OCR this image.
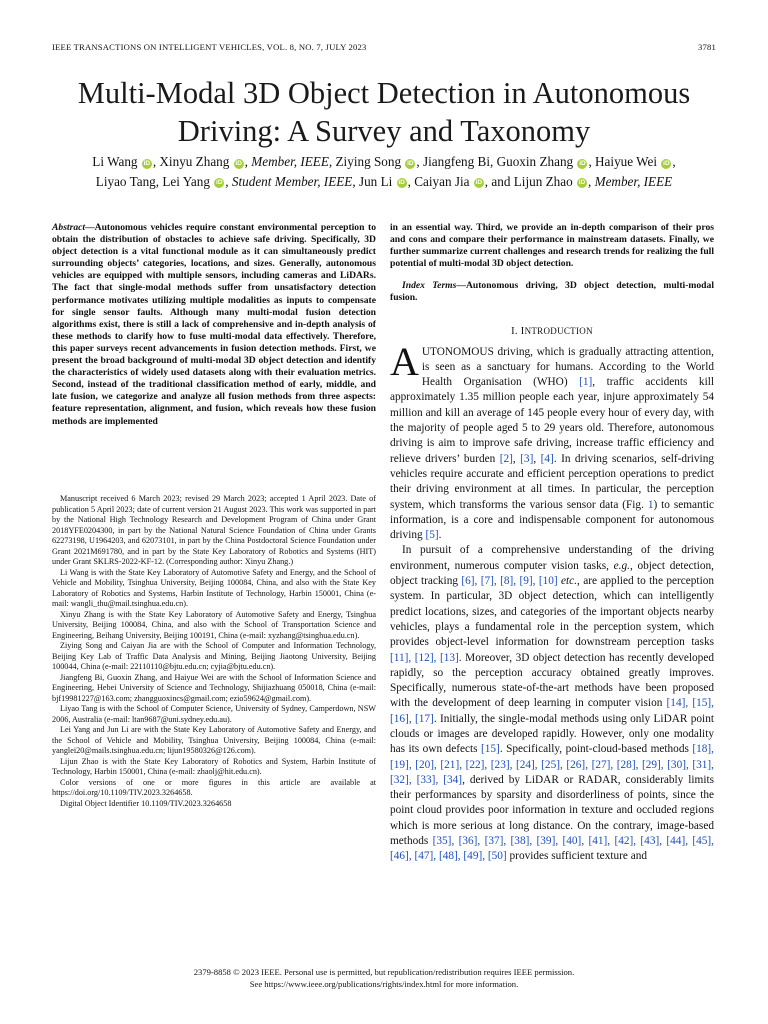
IEEE TRANSACTIONS ON INTELLIGENT VEHICLES, VOL. 8, NO. 7, JULY 2023	3781
Multi-Modal 3D Object Detection in Autonomous
Driving: A Survey and Taxonomy
Li Wang iD , Xinyu Zhang iD , Member, IEEE, Ziying Song iD , Jiangfeng Bi, Guoxin Zhang iD , Haiyue Wei iD ,
Liyao Tang, Lei Yang iD , Student Member, IEEE, Jun Li iD , Caiyan Jia iD , and Lijun Zhao iD , Member, IEEE

Abstract—Autonomous vehicles require constant environmental perception to obtain the distribution of obstacles to achieve safe driving. Specifically, 3D object detection is a vital functional module as it can simultaneously predict surrounding objects’ categories, locations, and sizes. Generally, autonomous vehicles are equipped with multiple sensors, including cameras and LiDARs. The fact that single-modal methods suffer from unsatisfactory detection performance motivates utilizing multiple modalities as inputs to compensate for single sensor faults. Although many multi-modal fusion detection algorithms exist, there is still a lack of comprehensive and in-depth analysis of these methods to clarify how to fuse multi-modal data effectively. Therefore, this paper surveys recent advancements in fusion detection methods. First, we present the broad background of multi-modal 3D object detection and identify the characteristics of widely used datasets along with their evaluation metrics. Second, instead of the traditional classification method of early, middle, and late fusion, we categorize and analyze all fusion methods from three aspects: feature representation, alignment, and fusion, which reveals how these fusion methods are implemented

Manuscript received 6 March 2023; revised 29 March 2023; accepted 1 April 2023. Date of publication 5 April 2023; date of current version 21 August 2023. This work was supported in part by the National High Technology Research and Development Program of China under Grant 2018YFE0204300, in part by the National Natural Science Foundation of China under Grants 62273198, U1964203, and 62073101, in part by the China Postdoctoral Science Foundation under Grant 2021M691780, and in part by the State Key Laboratory of Robotics and Systems (HIT) under Grant SKLRS-2022-KF-12. (Corresponding author: Xinyu Zhang.)

Li Wang is with the State Key Laboratory of Automotive Safety and Energy, and the School of Vehicle and Mobility, Tsinghua University, Beijing 100084, China, and also with the State Key Laboratory of Robotics and Systems, Harbin Institute of Technology, Harbin 150001, China (e-mail: wangli_thu@mail.tsinghua.edu.cn).

Xinyu Zhang is with the State Key Laboratory of Automotive Safety and Energy, Tsinghua University, Beijing 100084, China, and also with the School of Transportation Science and Engineering, Beihang University, Beijing 100191, China (e-mail: xyzhang@tsinghua.edu.cn).

Ziying Song and Caiyan Jia are with the School of Computer and Information Technology, Beijing Key Lab of Traffic Data Analysis and Mining, Beijing Jiaotong University, Beijing 100044, China (e-mail: 22110110@bjtu.edu.cn; cyjia@bjtu.edu.cn).

Jiangfeng Bi, Guoxin Zhang, and Haiyue Wei are with the School of Information Science and Engineering, Hebei University of Science and Technology, Shijiazhuang 050018, China (e-mail: bjf19981227@163.com; zhangguoxincs@gmail.com; ezio59624@gmail.com).

Liyao Tang is with the School of Computer Science, University of Sydney, Camperdown, NSW 2006, Australia (e-mail: ltan9687@uni.sydney.edu.au).

Lei Yang and Jun Li are with the State Key Laboratory of Automotive Safety and Energy, and the School of Vehicle and Mobility, Tsinghua University, Beijing 100084, China (e-mail: yanglei20@mails.tsinghua.edu.cn; lijun19580326@126.com).

Lijun Zhao is with the State Key Laboratory of Robotics and System, Harbin Institute of Technology, Harbin 150001, China (e-mail: zhaolj@hit.edu.cn).

Color versions of one or more figures in this article are available at https://doi.org/10.1109/TIV.2023.3264658.

Digital Object Identifier 10.1109/TIV.2023.3264658

in an essential way. Third, we provide an in-depth comparison of their pros and cons and compare their performance in mainstream datasets. Finally, we further summarize current challenges and research trends for realizing the full potential of multi-modal 3D object detection.

Index Terms—Autonomous driving, 3D object detection, multi-modal fusion.

I. INTRODUCTION

AUTONOMOUS driving, which is gradually attracting attention, is seen as a sanctuary for humans. According to the World Health Organisation (WHO) [1], traffic accidents kill approximately 1.35 million people each year, injure approximately 54 million and kill an average of 145 people every hour of every day, with the majority of people aged 5 to 29 years old. Therefore, autonomous driving is aim to improve safe driving, increase traffic efficiency and relieve drivers’ burden [2], [3], [4]. In driving scenarios, self-driving vehicles require accurate and efficient perception operations to predict their driving environment at all times. In particular, the perception system, which transforms the various sensor data (Fig. 1) to semantic information, is a core and indispensable component for autonomous driving [5].

In pursuit of a comprehensive understanding of the driving environment, numerous computer vision tasks, e.g., object detection, object tracking [6], [7], [8], [9], [10] etc., are applied to the perception system. In particular, 3D object detection, which can intelligently predict locations, sizes, and categories of the important objects nearby vehicles, plays a fundamental role in the perception system, which provides object-level information for downstream perception tasks [11], [12], [13]. Moreover, 3D object detection has recently developed rapidly, so the perception accuracy obtained greatly improves. Specifically, numerous state-of-the-art methods have been proposed with the development of deep learning in computer vision [14], [15], [16], [17]. Initially, the single-modal methods using only LiDAR point clouds or images are developed rapidly. However, only one modality has its own defects [15]. Specifically, point-cloud-based methods [18], [19], [20], [21], [22], [23], [24], [25], [26], [27], [28], [29], [30], [31], [32], [33], [34], derived by LiDAR or RADAR, considerably limits their performances by sparsity and disorderliness of points, since the point cloud provides poor information in texture and occluded regions which is more serious at long distance. On the contrary, image-based methods [35], [36], [37], [38], [39], [40], [41], [42], [43], [44], [45], [46], [47], [48], [49], [50] provides sufficient texture and

2379-8858 © 2023 IEEE. Personal use is permitted, but republication/redistribution requires IEEE permission.
See https://www.ieee.org/publications/rights/index.html for more information.
